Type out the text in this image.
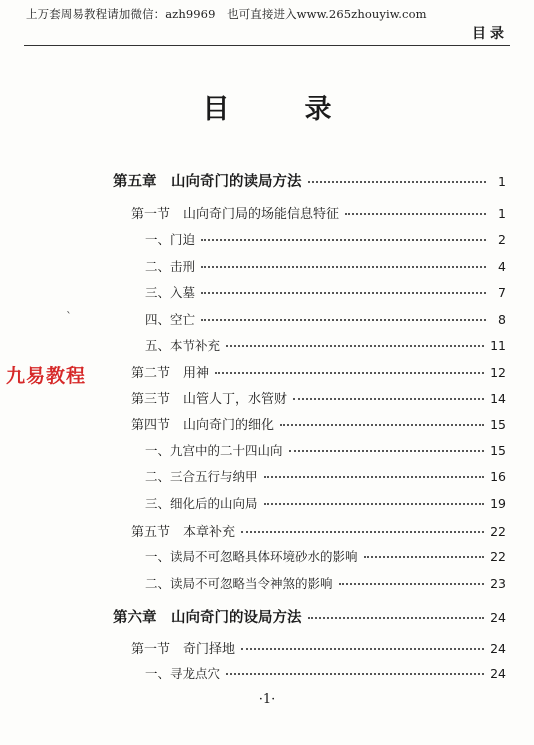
上万套周易教程请加微信：azh9969　也可直接进入www.265zhouyiw.com
目录
目　录
`
九易教程
第五章　 山向奇门的读局方法	1
第一节　 山向奇门局的场能信息特征	1
一、 门迫	2
二、 击刑	4
三、 入墓	7
四、 空亡	8
五、 本节补充	11
第二节　 用神	12
第三节　 山管人丁，水管财	14
第四节　 山向奇门的细化	15
一、 九宫中的二十四山向	15
二、 三合五行与纳甲	16
三、 细化后的山向局	19
第五节　 本章补充	22
一、 读局不可忽略具体环境砂水的影响	22
二、 读局不可忽略当令神煞的影响	23
第六章　 山向奇门的设局方法	24
第一节　 奇门择地	24
一、 寻龙点穴	24
·1·
